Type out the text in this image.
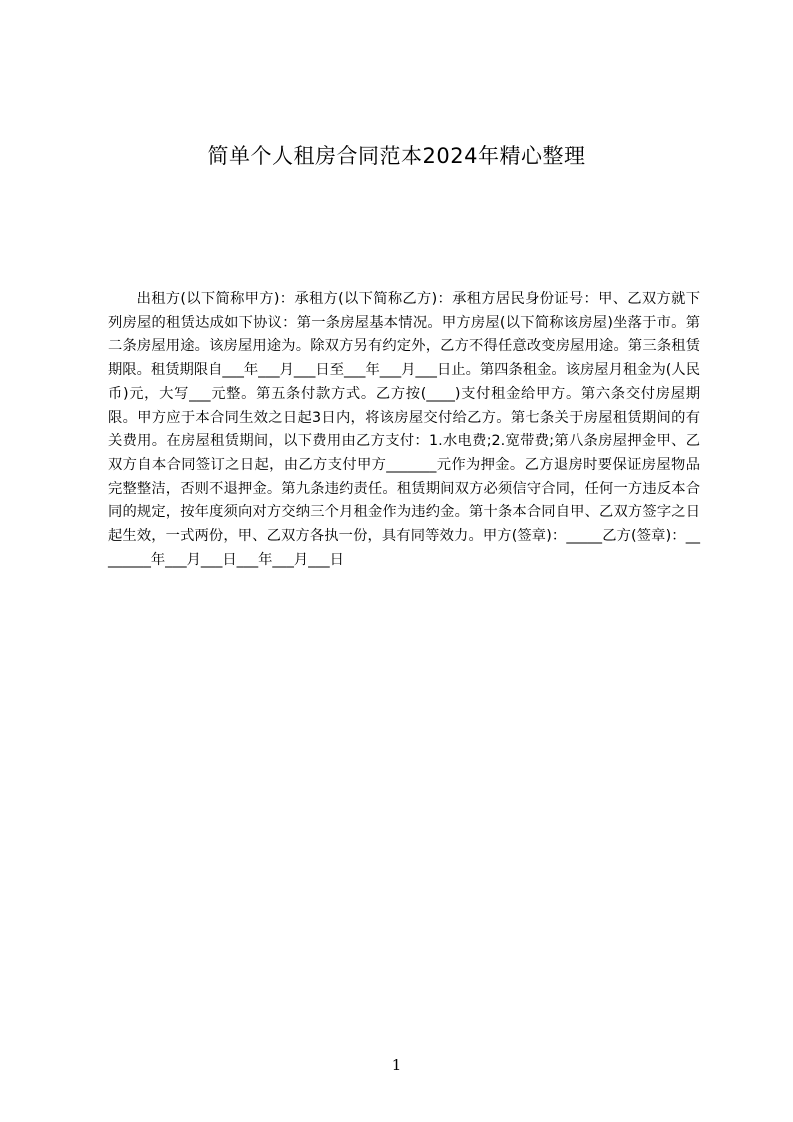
简单个人租房合同范本2024年精心整理

出租方(以下简称甲方)：承租方(以下简称乙方)：承租方居民身份证号：甲、乙双方就下列房屋的租赁达成如下协议：第一条房屋基本情况。甲方房屋(以下简称该房屋)坐落于市。第二条房屋用途。该房屋用途为。除双方另有约定外，乙方不得任意改变房屋用途。第三条租赁期限。租赁期限自___年___月___日至___年___月___日止。第四条租金。该房屋月租金为(人民币)元，大写___元整。第五条付款方式。乙方按(____)支付租金给甲方。第六条交付房屋期限。甲方应于本合同生效之日起3日内，将该房屋交付给乙方。第七条关于房屋租赁期间的有关费用。在房屋租赁期间，以下费用由乙方支付：1.水电费;2.宽带费;第八条房屋押金甲、乙双方自本合同签订之日起，由乙方支付甲方_______元作为押金。乙方退房时要保证房屋物品完整整洁，否则不退押金。第九条违约责任。租赁期间双方必须信守合同，任何一方违反本合同的规定，按年度须向对方交纳三个月租金作为违约金。第十条本合同自甲、乙双方签字之日起生效，一式两份，甲、乙双方各执一份，具有同等效力。甲方(签章)：_____乙方(签章)：________年___月___日___年___月___日

1
